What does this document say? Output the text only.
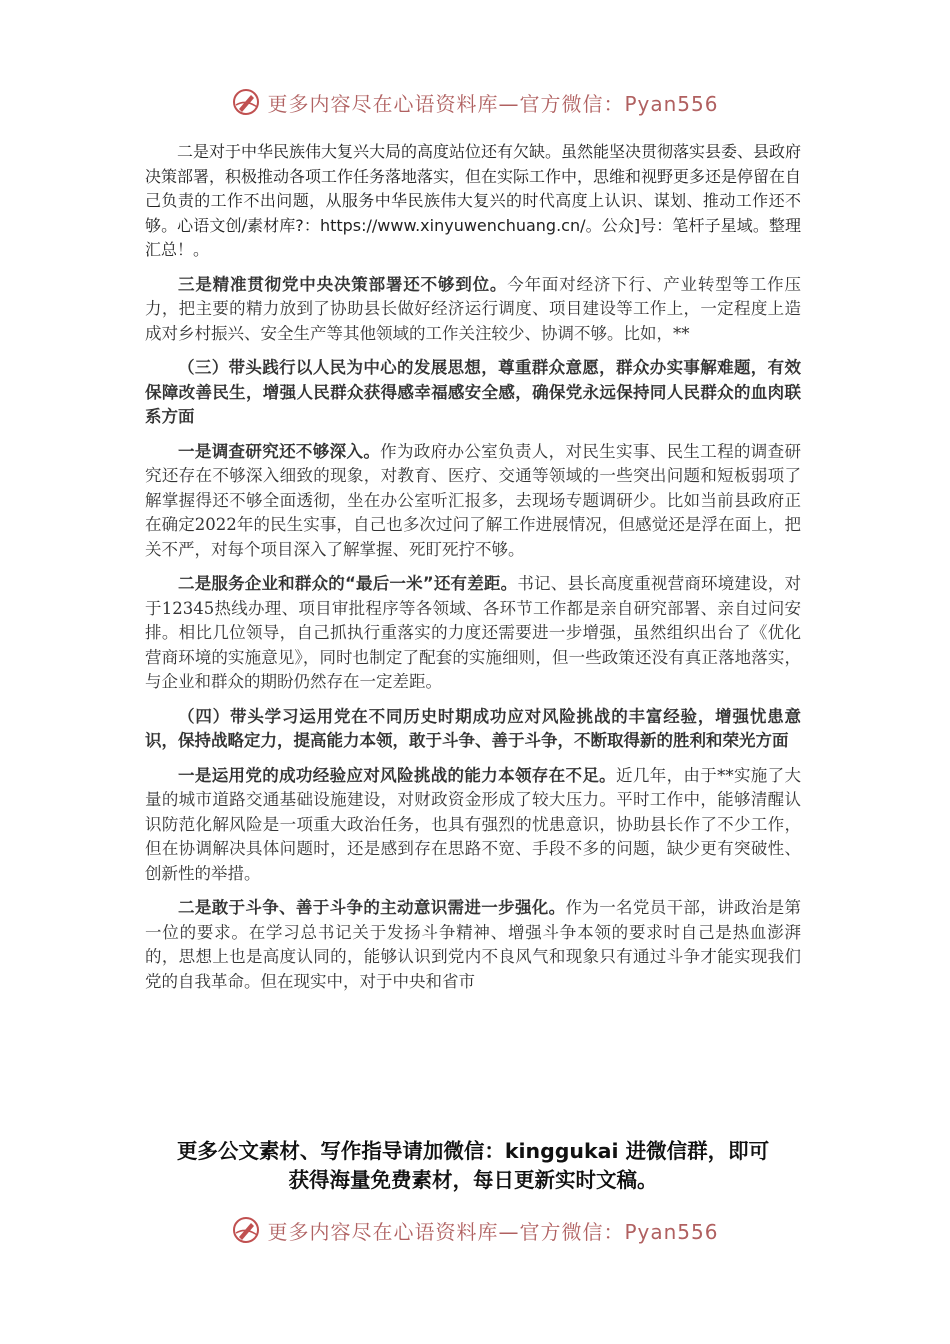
更多内容尽在心语资料库—官方微信：Pyan556

二是对于中华民族伟大复兴大局的高度站位还有欠缺。虽然能坚决贯彻落实县委、县政府决策部署，积极推动各项工作任务落地落实，但在实际工作中，思维和视野更多还是停留在自己负责的工作不出问题，从服务中华民族伟大复兴的时代高度上认识、谋划、推动工作还不够。心语文创/素材库?：https://www.xinyuwenchuang.cn/。公众]号：笔杆子星域。整理汇总！。

三是精准贯彻党中央决策部署还不够到位。今年面对经济下行、产业转型等工作压力，把主要的精力放到了协助县长做好经济运行调度、项目建设等工作上，一定程度上造成对乡村振兴、安全生产等其他领域的工作关注较少、协调不够。比如，**

（三）带头践行以人民为中心的发展思想，尊重群众意愿，群众办实事解难题，有效保障改善民生，增强人民群众获得感幸福感安全感，确保党永远保持同人民群众的血肉联系方面

一是调查研究还不够深入。作为政府办公室负责人，对民生实事、民生工程的调查研究还存在不够深入细致的现象，对教育、医疗、交通等领域的一些突出问题和短板弱项了解掌握得还不够全面透彻，坐在办公室听汇报多，去现场专题调研少。比如当前县政府正在确定2022年的民生实事，自己也多次过问了解工作进展情况，但感觉还是浮在面上，把关不严，对每个项目深入了解掌握、死盯死拧不够。

二是服务企业和群众的“最后一米”还有差距。书记、县长高度重视营商环境建设，对于12345热线办理、项目审批程序等各领域、各环节工作都是亲自研究部署、亲自过问安排。相比几位领导，自己抓执行重落实的力度还需要进一步增强，虽然组织出台了《优化营商环境的实施意见》，同时也制定了配套的实施细则，但一些政策还没有真正落地落实，与企业和群众的期盼仍然存在一定差距。

（四）带头学习运用党在不同历史时期成功应对风险挑战的丰富经验，增强忧患意识，保持战略定力，提高能力本领，敢于斗争、善于斗争，不断取得新的胜利和荣光方面

一是运用党的成功经验应对风险挑战的能力本领存在不足。近几年，由于**实施了大量的城市道路交通基础设施建设，对财政资金形成了较大压力。平时工作中，能够清醒认识防范化解风险是一项重大政治任务，也具有强烈的忧患意识，协助县长作了不少工作，但在协调解决具体问题时，还是感到存在思路不宽、手段不多的问题，缺少更有突破性、创新性的举措。

二是敢于斗争、善于斗争的主动意识需进一步强化。作为一名党员干部，讲政治是第一位的要求。在学习总书记关于发扬斗争精神、增强斗争本领的要求时自己是热血澎湃的，思想上也是高度认同的，能够认识到党内不良风气和现象只有通过斗争才能实现我们党的自我革命。但在现实中，对于中央和省市

更多公文素材、写作指导请加微信：kinggukai 进微信群，即可
获得海量免费素材，每日更新实时文稿。
更多内容尽在心语资料库—官方微信：Pyan556
